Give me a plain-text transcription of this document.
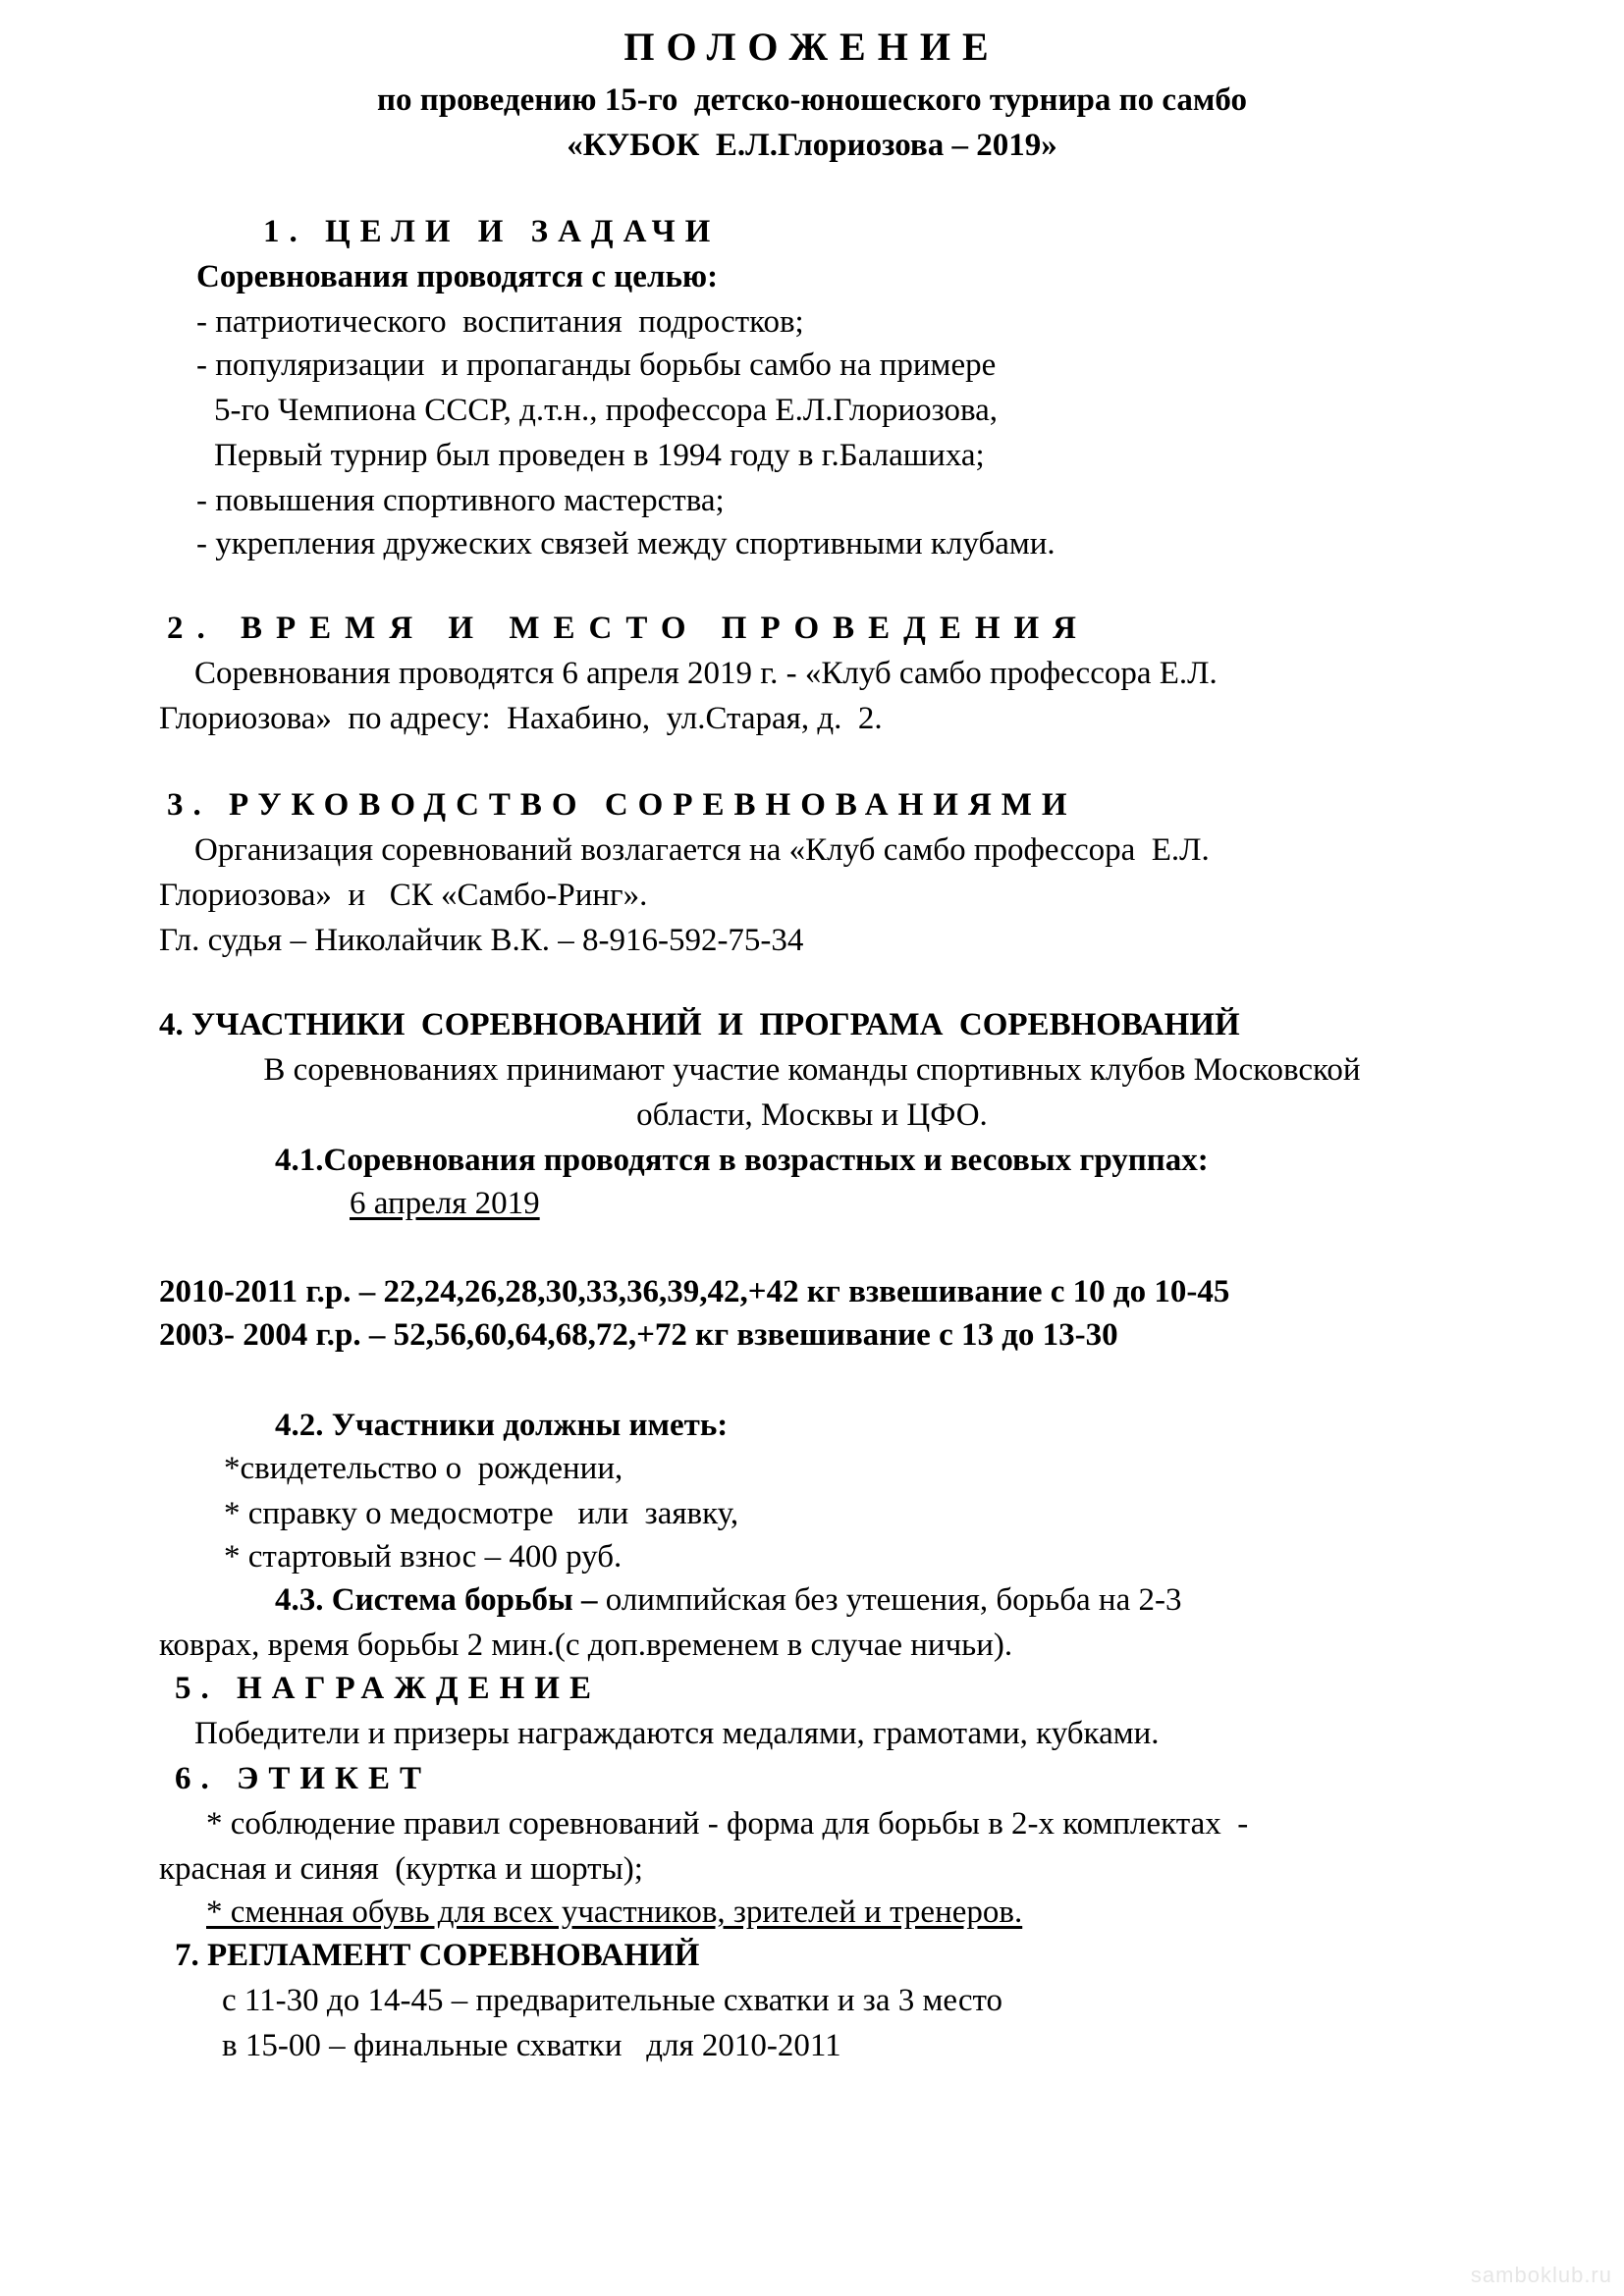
ПОЛОЖЕНИЕ
по проведению 15-го  детско-юношеского турнира по самбо
«КУБОК  Е.Л.Глориозова – 2019»
1. ЦЕЛИ И ЗАДАЧИ
Соревнования проводятся с целью:
- патриотического  воспитания  подростков;
- популяризации  и пропаганды борьбы самбо на примере
5-го Чемпиона СССР, д.т.н., профессора Е.Л.Глориозова,
Первый турнир был проведен в 1994 году в г.Балашиха;
- повышения спортивного мастерства;
- укрепления дружеских связей между спортивными клубами.
2. ВРЕМЯ И МЕСТО ПРОВЕДЕНИЯ
Соревнования проводятся 6 апреля 2019 г. - «Клуб самбо профессора Е.Л.
Глориозова»  по адресу:  Нахабино,  ул.Старая, д.  2.
3. РУКОВОДСТВО СОРЕВНОВАНИЯМИ
Организация соревнований возлагается на «Клуб самбо профессора  Е.Л.
Глориозова»  и   СК «Самбо-Ринг».
Гл. судья – Николайчик В.К. – 8-916-592-75-34
4. УЧАСТНИКИ  СОРЕВНОВАНИЙ  И  ПРОГРАМА  СОРЕВНОВАНИЙ
В соревнованиях принимают участие команды спортивных клубов Московской
области, Москвы и ЦФО.
4.1.Соревнования проводятся в возрастных и весовых группах:
6 апреля 2019
2010-2011 г.р. – 22,24,26,28,30,33,36,39,42,+42 кг взвешивание с 10 до 10-45
2003- 2004 г.р. – 52,56,60,64,68,72,+72 кг взвешивание с 13 до 13-30
4.2. Участники должны иметь:
*свидетельство о  рождении,
* справку о медосмотре   или  заявку,
* стартовый взнос – 400 руб.
4.3. Система борьбы – олимпийская без утешения, борьба на 2-3
коврах, время борьбы 2 мин.(с доп.временем в случае ничьи).
5. НАГРАЖДЕНИЕ
Победители и призеры награждаются медалями, грамотами, кубками.
6. ЭТИКЕТ
* соблюдение правил соревнований - форма для борьбы в 2-х комплектах  -
красная и синяя  (куртка и шорты);
* сменная обувь для всех участников, зрителей и тренеров.
7. РЕГЛАМЕНТ СОРЕВНОВАНИЙ
с 11-30 до 14-45 – предварительные схватки и за 3 место
в 15-00 – финальные схватки   для 2010-2011
samboklub.ru
